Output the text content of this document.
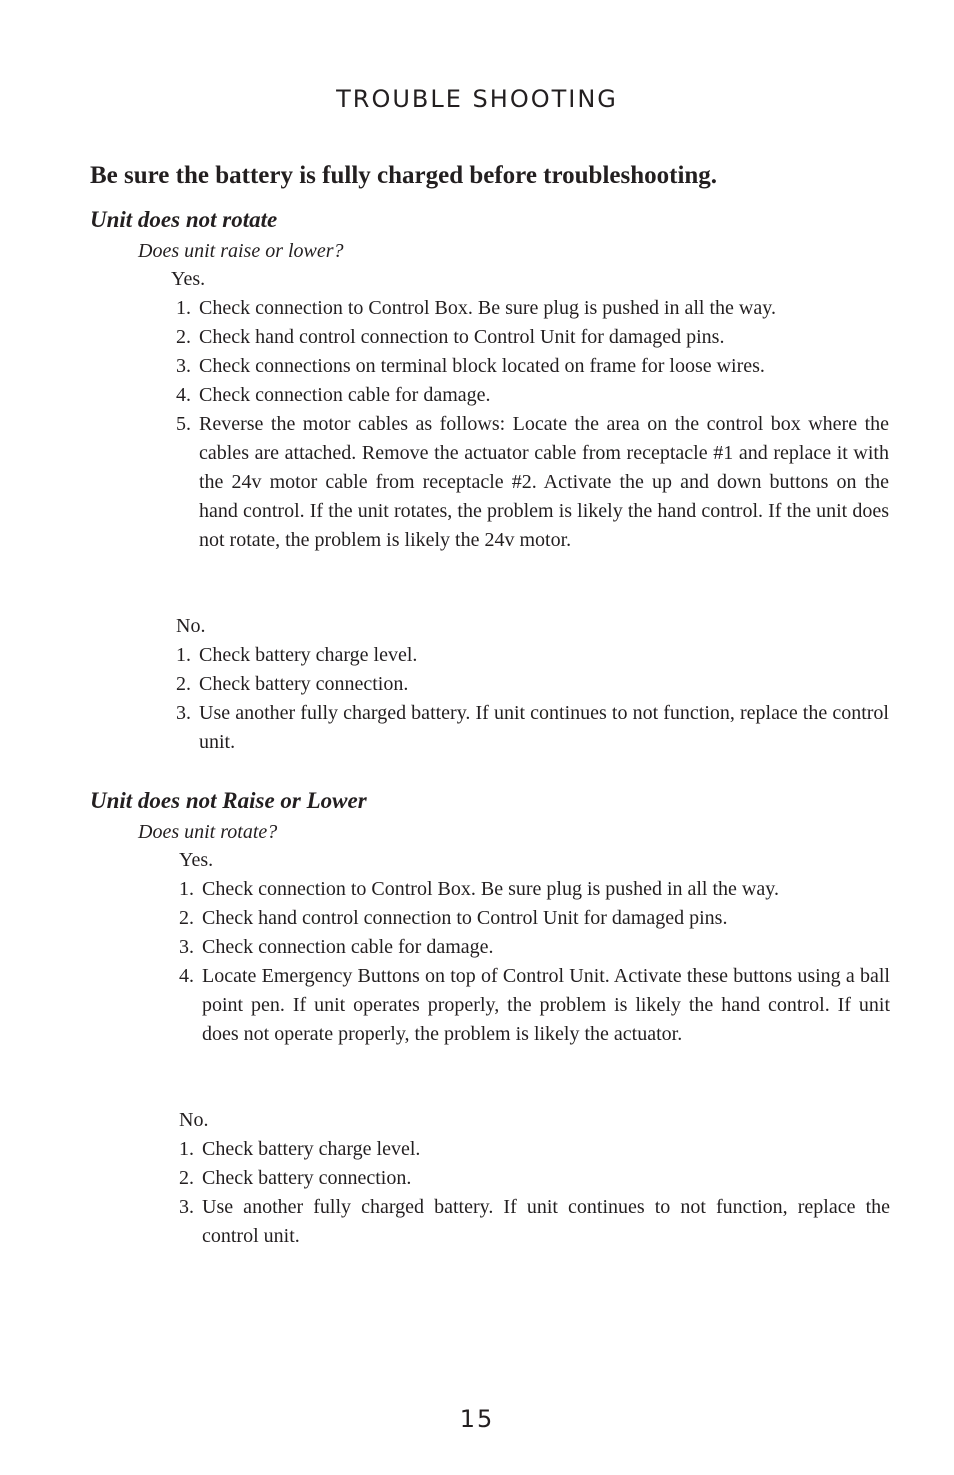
TROUBLE SHOOTING
Be sure the battery is fully charged before troubleshooting.
Unit does not rotate

Does unit raise or lower?

Yes.

1. Check connection to Control Box. Be sure plug is pushed in all the way.
2. Check hand control connection to Control Unit for damaged pins.
3. Check connections on terminal block located on frame for loose wires.
4. Check connection cable for damage.
5. Reverse the motor cables as follows: Locate the area on the control box where the cables are attached. Remove the actuator cable from receptacle #1 and replace it with the 24v motor cable from receptacle #2. Activate the up and down buttons on the hand control. If the unit rotates, the problem is likely the hand control. If the unit does not rotate, the problem is likely the 24v motor.

No.

1. Check battery charge level.
2. Check battery connection.
3. Use another fully charged battery. If unit continues to not function, replace the control unit.
Unit does not Raise or Lower

Does unit rotate?

Yes.

1. Check connection to Control Box. Be sure plug is pushed in all the way.
2. Check hand control connection to Control Unit for damaged pins.
3. Check connection cable for damage.
4. Locate Emergency Buttons on top of Control Unit. Activate these buttons using a ball point pen. If unit operates properly, the problem is likely the hand control. If unit does not operate properly, the problem is likely the actuator.

No.

1. Check battery charge level.
2. Check battery connection.
3. Use another fully charged battery. If unit continues to not function, replace the control unit.

15
